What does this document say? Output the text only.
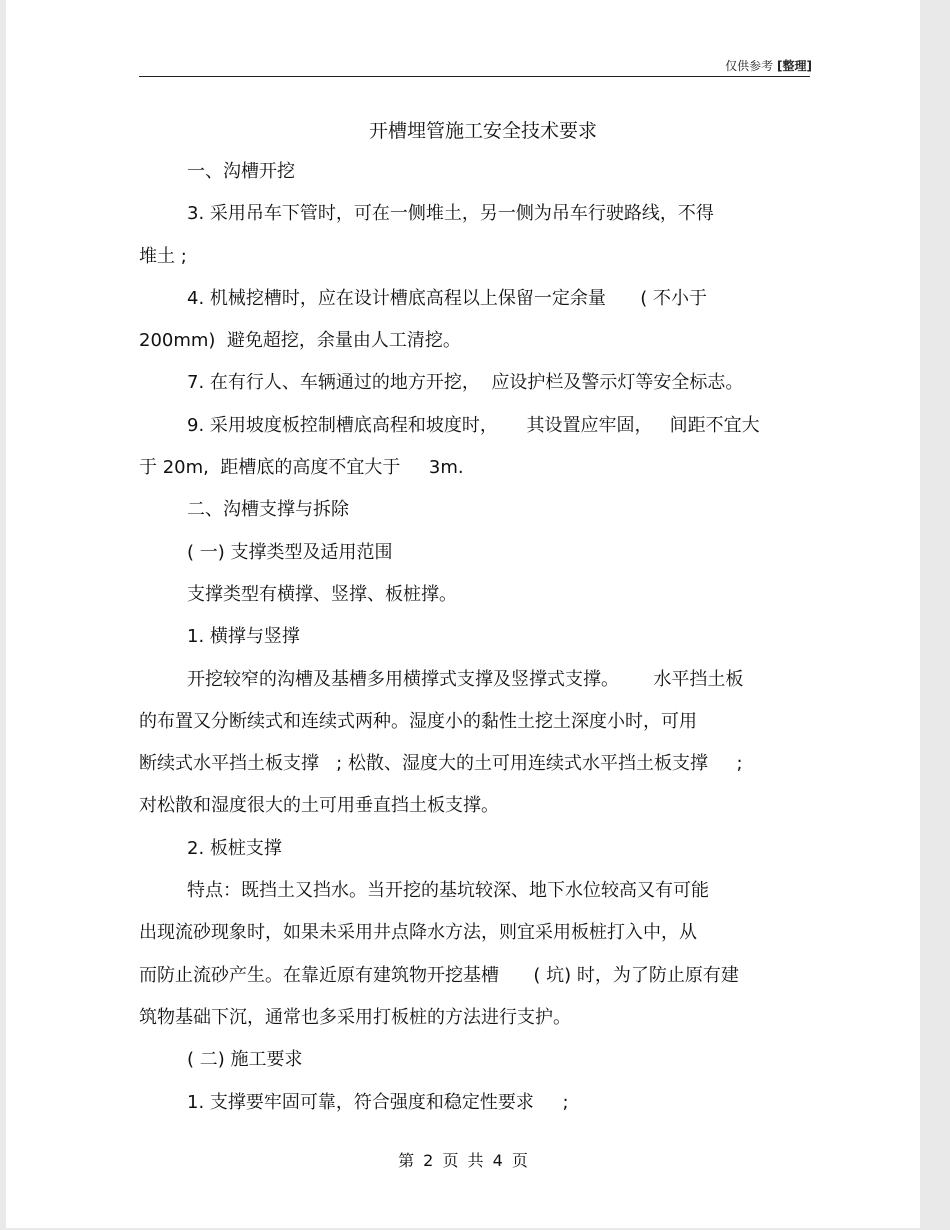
仅供参考 [整理]
开槽埋管施工安全技术要求
一、沟槽开挖
3. 采用吊车下管时，可在一侧堆土，另一侧为吊车行驶路线，不得
堆土 ;
4. 机械挖槽时，应在设计槽底高程以上保留一定余量      ( 不小于
200mm)  避免超挖，余量由人工清挖。
7. 在有行人、车辆通过的地方开挖，  应设护栏及警示灯等安全标志。
9. 采用坡度板控制槽底高程和坡度时，     其设置应牢固，   间距不宜大
于 20m,  距槽底的高度不宜大于     3m.
二、沟槽支撑与拆除
( 一) 支撑类型及适用范围
支撑类型有横撑、竖撑、板桩撑。
1. 横撑与竖撑
开挖较窄的沟槽及基槽多用横撑式支撑及竖撑式支撑。      水平挡土板
的布置又分断续式和连续式两种。湿度小的黏性土挖土深度小时，可用
断续式水平挡土板支撑   ; 松散、湿度大的土可用连续式水平挡土板支撑     ;
对松散和湿度很大的土可用垂直挡土板支撑。
2. 板桩支撑
特点：既挡土又挡水。当开挖的基坑较深、地下水位较高又有可能
出现流砂现象时，如果未采用井点降水方法，则宜采用板桩打入中，从
而防止流砂产生。在靠近原有建筑物开挖基槽      ( 坑) 时，为了防止原有建
筑物基础下沉，通常也多采用打板桩的方法进行支护。
( 二) 施工要求
1. 支撑要牢固可靠，符合强度和稳定性要求     ;
第 2 页 共 4 页
